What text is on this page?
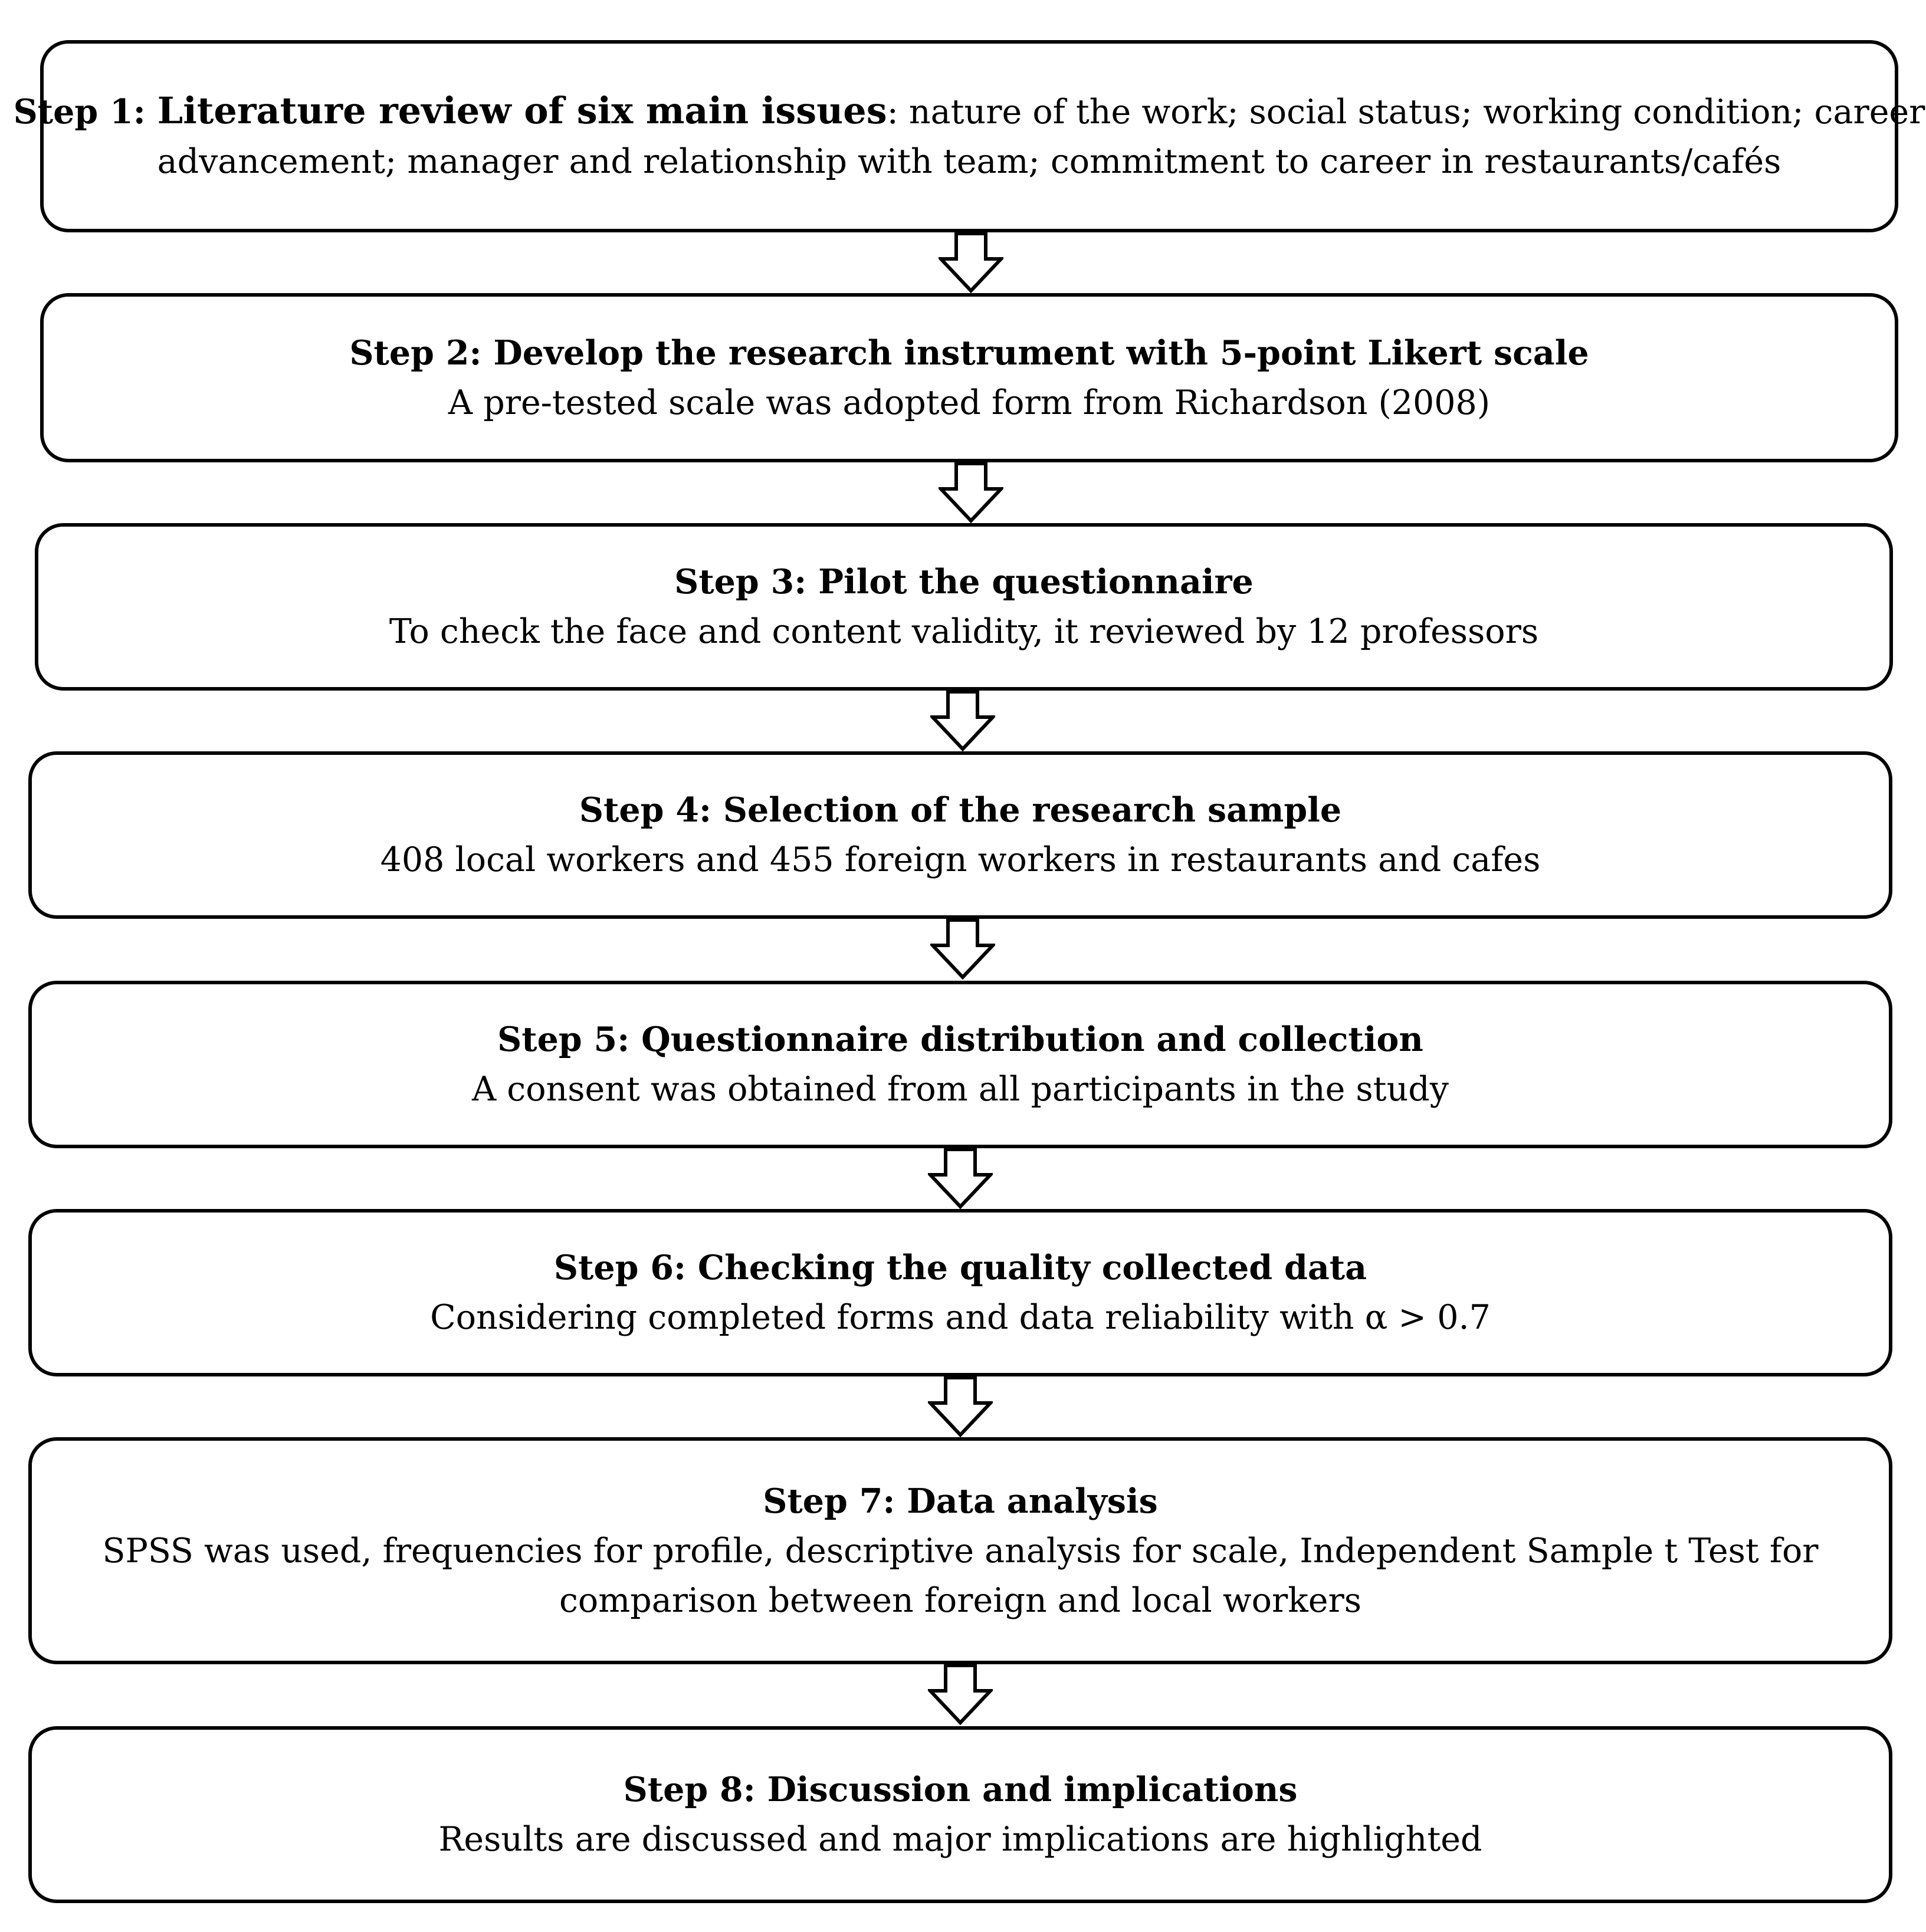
Step 1: Literature review of six main issues: nature of the work; social status; working condition; career
advancement; manager and relationship with team; commitment to career in restaurants/cafés
Step 2: Develop the research instrument with 5-point Likert scale
A pre-tested scale was adopted form from Richardson (2008)
Step 3: Pilot the questionnaire
To check the face and content validity, it reviewed by 12 professors
Step 4: Selection of the research sample
408 local workers and 455 foreign workers in restaurants and cafes
Step 5: Questionnaire distribution and collection
A consent was obtained from all participants in the study
Step 6: Checking the quality collected data
Considering completed forms and data reliability with α > 0.7
Step 7: Data analysis
SPSS was used, frequencies for profile, descriptive analysis for scale, Independent Sample t Test for
comparison between foreign and local workers
Step 8: Discussion and implications
Results are discussed and major implications are highlighted
